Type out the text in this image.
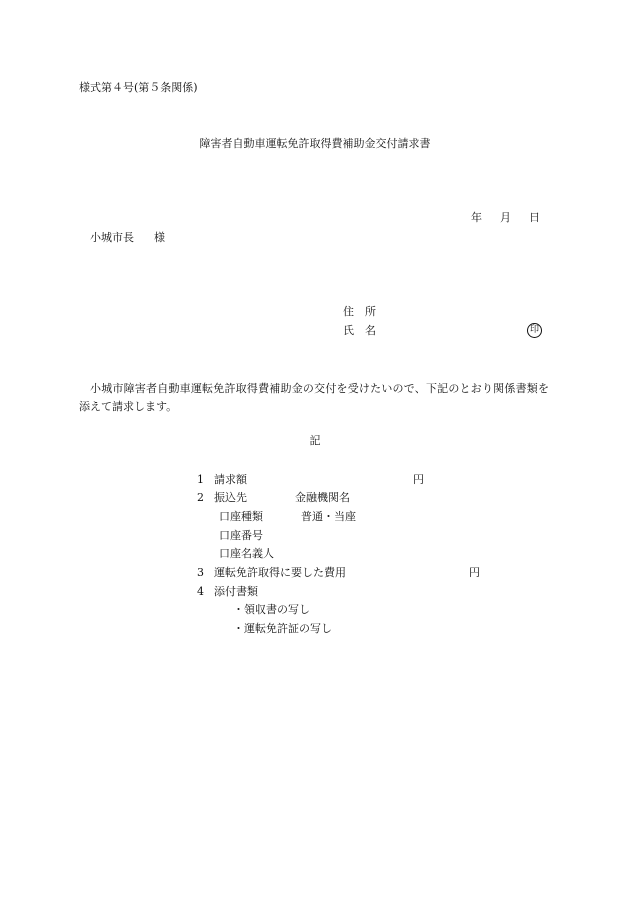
様式第４号(第５条関係)
障害者自動車運転免許取得費補助金交付請求書
年 月 日
小城市長 様
住 所
氏 名	印
小城市障害者自動車運転免許取得費補助金の交付を受けたいので、下記のとおり関係書類を添えて請求します。
記
1 請求額	円
2 振込先	金融機関名
口座種類	普通・当座
口座番号
口座名義人
3 運転免許取得に要した費用	円
4 添付書類
・領収書の写し
・運転免許証の写し
